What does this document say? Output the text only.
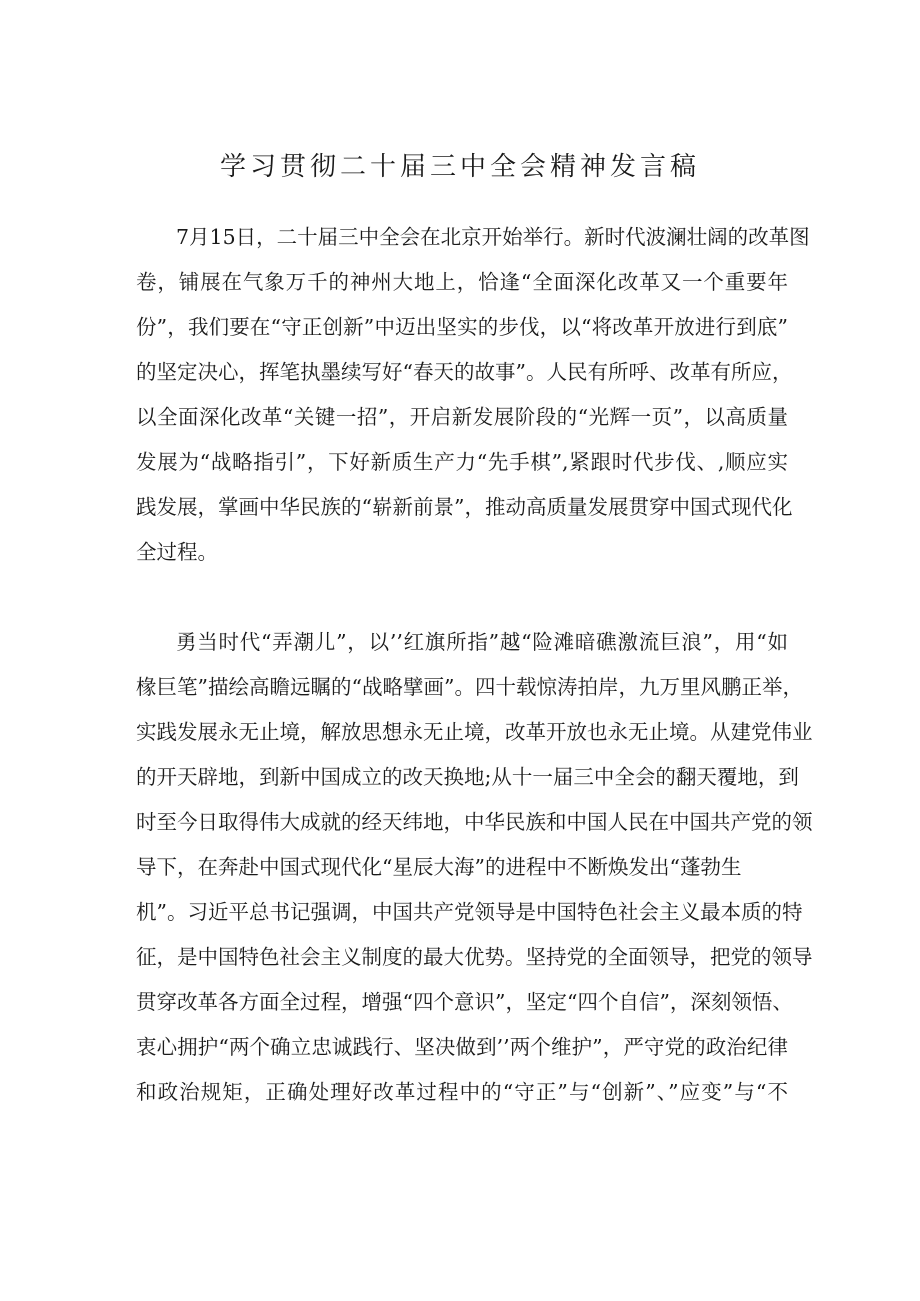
学习贯彻二十届三中全会精神发言稿
7月15日，二十届三中全会在北京开始举行。新时代波澜壮阔的改革图
卷，铺展在气象万千的神州大地上，恰逢“全面深化改革又一个重要年
份”，我们要在“守正创新”中迈出坚实的步伐，以“将改革开放进行到底”
的坚定决心，挥笔执墨续写好“春天的故事”。人民有所呼、改革有所应，
以全面深化改革“关键一招”，开启新发展阶段的“光辉一页”，以高质量
发展为“战略指引”，下好新质生产力“先手棋”,紧跟时代步伐、,顺应实
践发展，掌画中华民族的“崭新前景”，推动高质量发展贯穿中国式现代化
全过程。
勇当时代“弄潮儿”，以’’红旗所指”越“险滩暗礁激流巨浪”，用“如
椽巨笔”描绘高瞻远瞩的“战略擘画”。四十载惊涛拍岸，九万里风鹏正举，
实践发展永无止境，解放思想永无止境，改革开放也永无止境。从建党伟业
的开天辟地，到新中国成立的改天换地;从十一届三中全会的翻天覆地，到
时至今日取得伟大成就的经天纬地，中华民族和中国人民在中国共产党的领
导下，在奔赴中国式现代化“星辰大海”的进程中不断焕发出“蓬勃生
机”。习近平总书记强调，中国共产党领导是中国特色社会主义最本质的特
征，是中国特色社会主义制度的最大优势。坚持党的全面领导，把党的领导
贯穿改革各方面全过程，增强“四个意识”，坚定“四个自信”，深刻领悟、
衷心拥护“两个确立忠诚践行、坚决做到’’两个维护”，严守党的政治纪律
和政治规矩，正确处理好改革过程中的“守正”与“创新”、”应变”与“不
